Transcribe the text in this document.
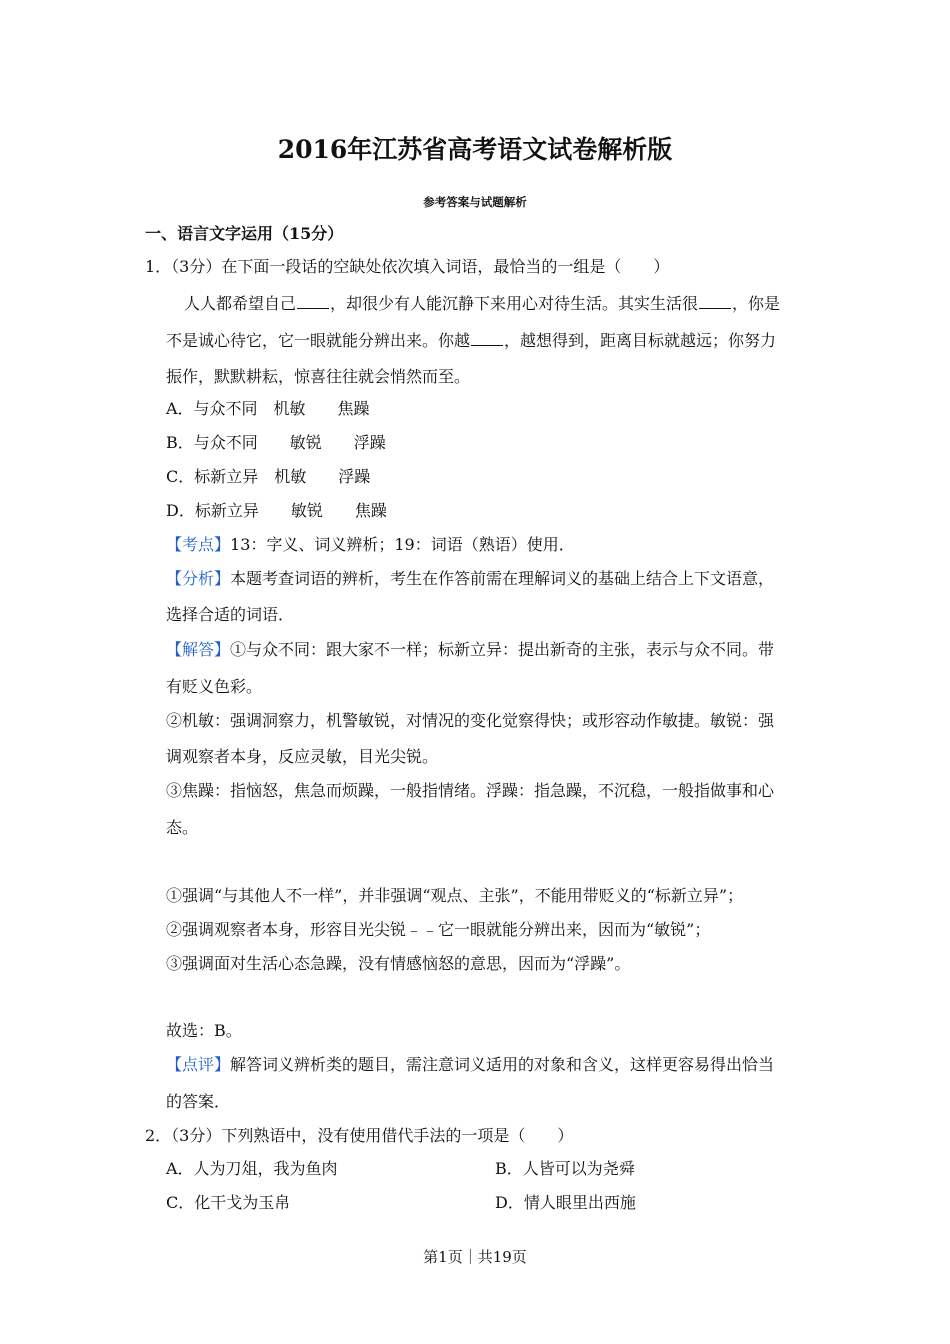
2016年江苏省高考语文试卷解析版
参考答案与试题解析
一、语言文字运用（15分）
1．（3分）在下面一段话的空缺处依次填入词语，最恰当的一组是（　　）
人人都希望自己 ，却很少有人能沉静下来用心对待生活。其实生活很 ，你是
不是诚心待它，它一眼就能分辨出来。你越 ，越想得到，距离目标就越远；你努力
振作，默默耕耘，惊喜往往就会悄然而至。
A．与众不同　机敏　　焦躁
B．与众不同　　敏锐　　浮躁
C．标新立异　机敏　　浮躁
D．标新立异　　敏锐　　焦躁
【考点】13：字义、词义辨析；19：词语（熟语）使用．
【分析】本题考查词语的辨析，考生在作答前需在理解词义的基础上结合上下文语意，
选择合适的词语．
【解答】①与众不同：跟大家不一样；标新立异：提出新奇的主张，表示与众不同。带
有贬义色彩。
②机敏：强调洞察力，机警敏锐，对情况的变化觉察得快；或形容动作敏捷。敏锐：强
调观察者本身，反应灵敏，目光尖锐。
③焦躁：指恼怒，焦急而烦躁，一般指情绪。浮躁：指急躁，不沉稳，一般指做事和心
态。
①强调“与其他人不一样”，并非强调“观点、主张”，不能用带贬义的“标新立异”；
②强调观察者本身，形容目光尖锐﹣﹣它一眼就能分辨出来，因而为“敏锐”；
③强调面对生活心态急躁，没有情感恼怒的意思，因而为“浮躁”。
故选：B。
【点评】解答词义辨析类的题目，需注意词义适用的对象和含义，这样更容易得出恰当
的答案．
2．（3分）下列熟语中，没有使用借代手法的一项是（　　）
A．人为刀俎，我为鱼肉	B．人皆可以为尧舜
C．化干戈为玉帛	D．情人眼里出西施
第1页｜共19页
